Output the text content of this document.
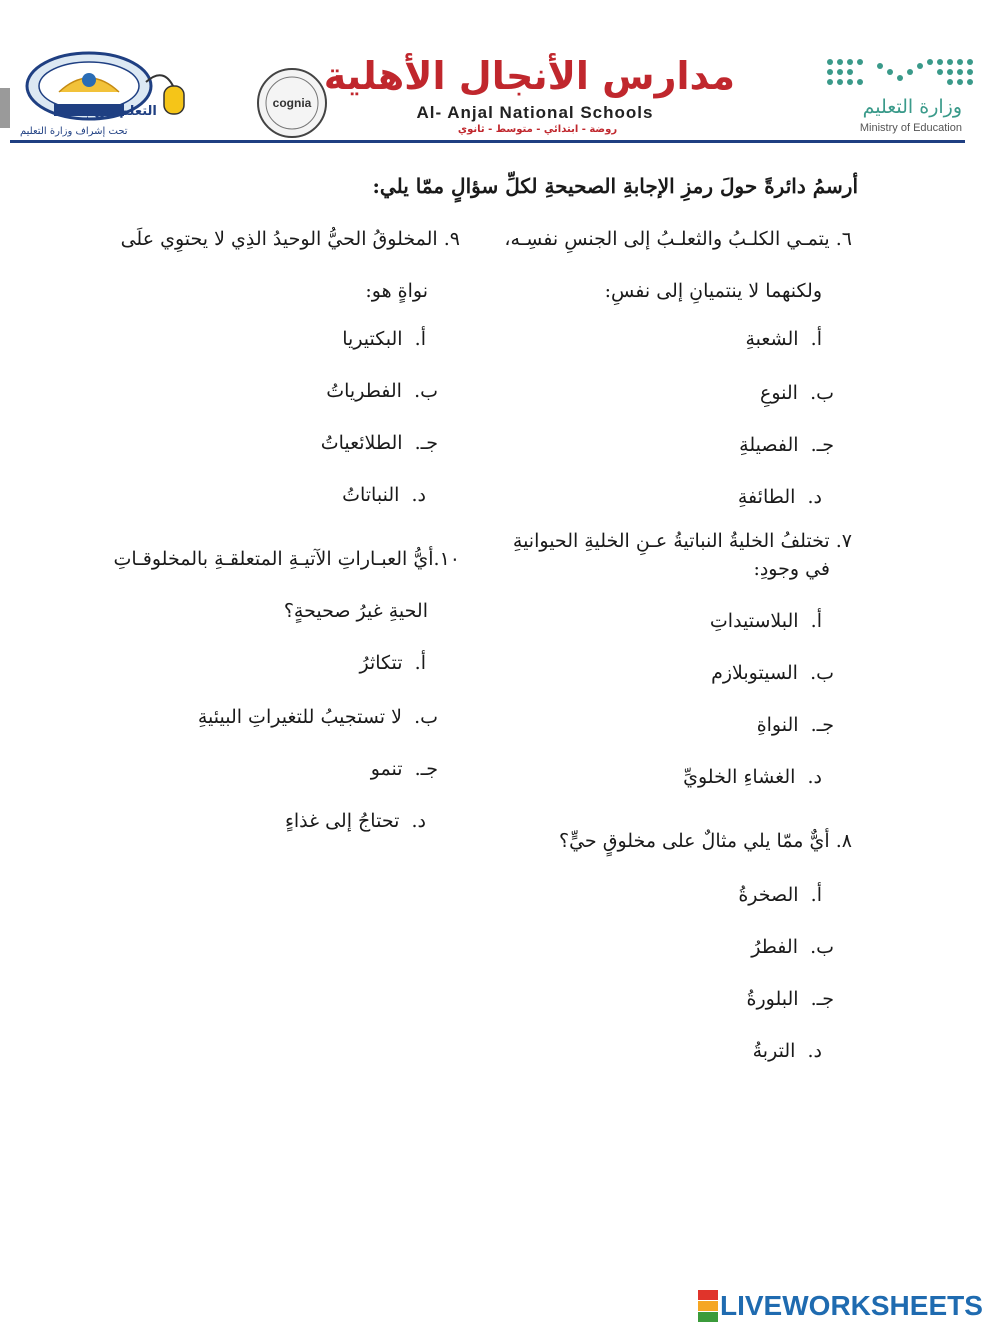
التعلم عن بعد
تحت إشراف وزارة التعليم
cognia
مدارس الأنجال الأهلية
Al- Anjal National Schools
روضة - ابتدائي - متوسط - ثانوي
وزارة التعليم
Ministry of Education
أرسمُ دائرةً حولَ رمزِ الإجابةِ الصحيحةِ لكلِّ سؤالٍ ممّا يلي:
٦. يتمـي الكلـبُ والثعلـبُ إلى الجنسِ نفسِـه،
ولكنهما لا ينتميانِ إلى نفسِ:
أ.  الشعبةِ
ب.  النوعِ
جـ.  الفصيلةِ
د.  الطائفةِ
٧. تختلفُ الخليةُ النباتيةُ عـنِ الخليةِ الحيوانيةِ
في وجودِ:
أ.  البلاستيداتِ
ب.  السيتوبلازم
جـ.  النواةِ
د.  الغشاءِ الخلويِّ
٨. أيٌّ ممّا يلي مثالٌ على مخلوقٍ حيٍّ؟
أ.  الصخرةُ
ب.  الفطرُ
جـ.  البلورةُ
د.  التربةُ
٩. المخلوقُ الحيُّ الوحيدُ الذِي لا يحتوِي علَى
نواةٍ هو:
أ.  البكتيريا
ب.  الفطرياتُ
جـ.  الطلائعياتُ
د.  النباتاتُ
١٠.أيُّ العبـاراتِ الآتيـةِ المتعلقـةِ بالمخلوقـاتِ
الحيةِ غيرُ صحيحةٍ؟
أ.  تتكاثرُ
ب.  لا تستجيبُ للتغيراتِ البيئيةِ
جـ.  تنمو
د.  تحتاجُ إلى غذاءٍ
LIVEWORKSHEETS
